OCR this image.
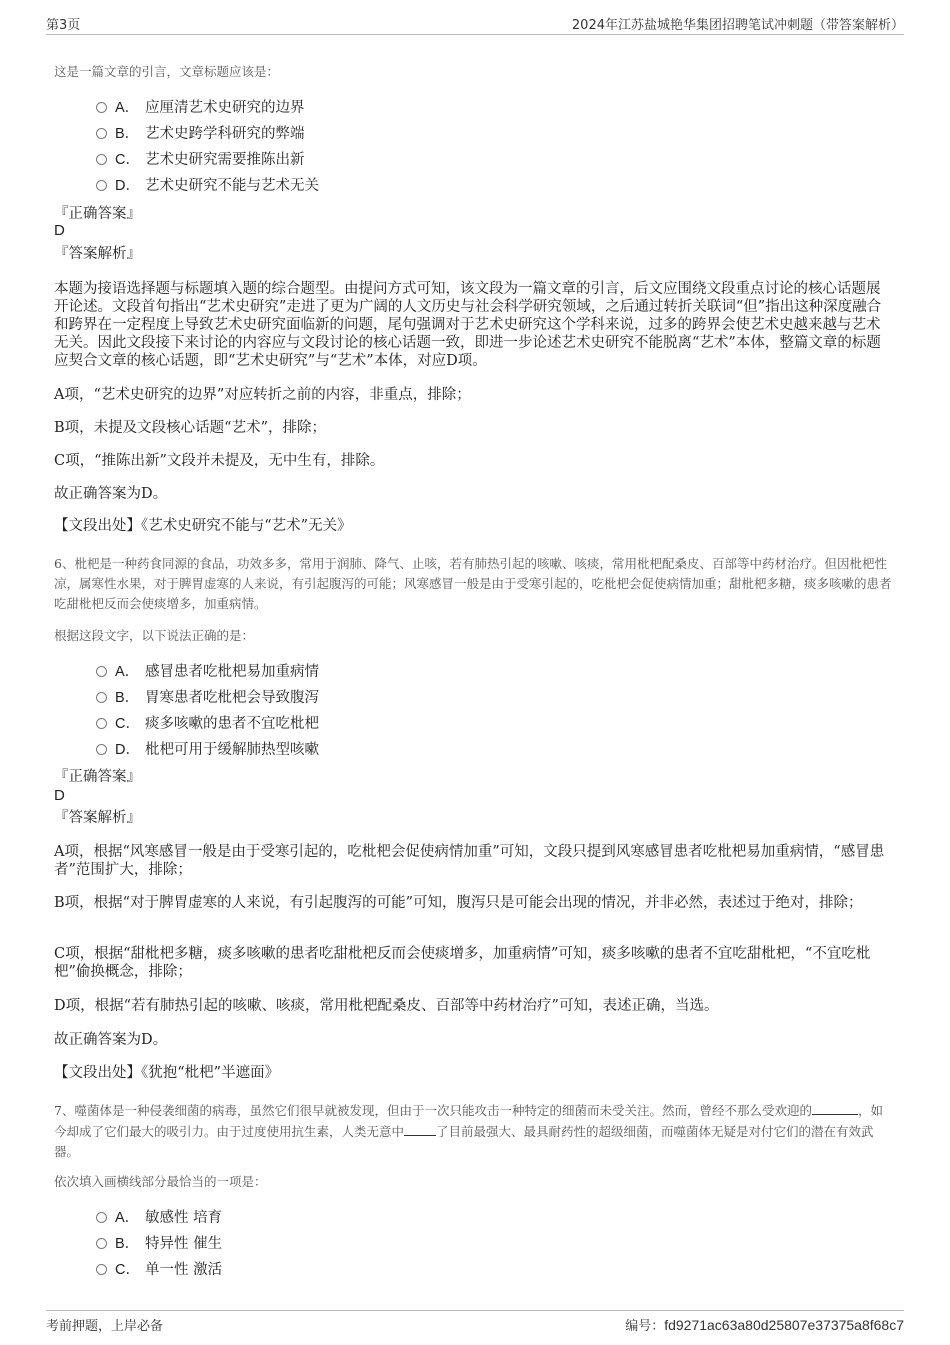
第3页	2024年江苏盐城艳华集团招聘笔试冲刺题（带答案解析）

这是一篇文章的引言，文章标题应该是：

A． 应厘清艺术史研究的边界
B． 艺术史跨学科研究的弊端
C． 艺术史研究需要推陈出新
D． 艺术史研究不能与艺术无关
『正确答案』
D
『答案解析』

本题为接语选择题与标题填入题的综合题型。由提问方式可知，该文段为一篇文章的引言，后文应围绕文段重点讨论的核心话题展开论述。文段首句指出“艺术史研究”走进了更为广阔的人文历史与社会科学研究领域，之后通过转折关联词“但”指出这种深度融合和跨界在一定程度上导致艺术史研究面临新的问题，尾句强调对于艺术史研究这个学科来说，过多的跨界会使艺术史越来越与艺术无关。因此文段接下来讨论的内容应与文段讨论的核心话题一致，即进一步论述艺术史研究不能脱离“艺术”本体，整篇文章的标题应契合文章的核心话题，即“艺术史研究”与“艺术”本体，对应D项。

A项，“艺术史研究的边界”对应转折之前的内容，非重点，排除；

B项，未提及文段核心话题“艺术”，排除；

C项，“推陈出新”文段并未提及，无中生有，排除。

故正确答案为D。

【文段出处】《艺术史研究不能与“艺术”无关》

6、枇杷是一种药食同源的食品，功效多多，常用于润肺、降气、止咳，若有肺热引起的咳嗽、咳痰，常用枇杷配桑皮、百部等中药材治疗。但因枇杷性凉，属寒性水果，对于脾胃虚寒的人来说，有引起腹泻的可能；风寒感冒一般是由于受寒引起的，吃枇杷会促使病情加重；甜枇杷多糖，痰多咳嗽的患者吃甜枇杷反而会使痰增多，加重病情。

根据这段文字，以下说法正确的是：

A． 感冒患者吃枇杷易加重病情
B． 胃寒患者吃枇杷会导致腹泻
C． 痰多咳嗽的患者不宜吃枇杷
D． 枇杷可用于缓解肺热型咳嗽
『正确答案』
D
『答案解析』

A项，根据“风寒感冒一般是由于受寒引起的，吃枇杷会促使病情加重”可知，文段只提到风寒感冒患者吃枇杷易加重病情，“感冒患者”范围扩大，排除；

B项，根据“对于脾胃虚寒的人来说，有引起腹泻的可能”可知，腹泻只是可能会出现的情况，并非必然，表述过于绝对，排除；

C项，根据“甜枇杷多糖，痰多咳嗽的患者吃甜枇杷反而会使痰增多，加重病情”可知，痰多咳嗽的患者不宜吃甜枇杷，“不宜吃枇杷”偷换概念，排除；

D项，根据“若有肺热引起的咳嗽、咳痰，常用枇杷配桑皮、百部等中药材治疗”可知，表述正确，当选。

故正确答案为D。

【文段出处】《犹抱“枇杷”半遮面》

7、噬菌体是一种侵袭细菌的病毒，虽然它们很早就被发现，但由于一次只能攻击一种特定的细菌而未受关注。然而，曾经不那么受欢迎的	，如今却成了它们最大的吸引力。由于过度使用抗生素，人类无意中	了目前最强大、最具耐药性的超级细菌，而噬菌体无疑是对付它们的潜在有效武器。

依次填入画横线部分最恰当的一项是：

A． 敏感性 培育
B． 特异性 催生
C． 单一性 激活
考前押题，上岸必备	编号：fd9271ac63a80d25807e37375a8f68c7
